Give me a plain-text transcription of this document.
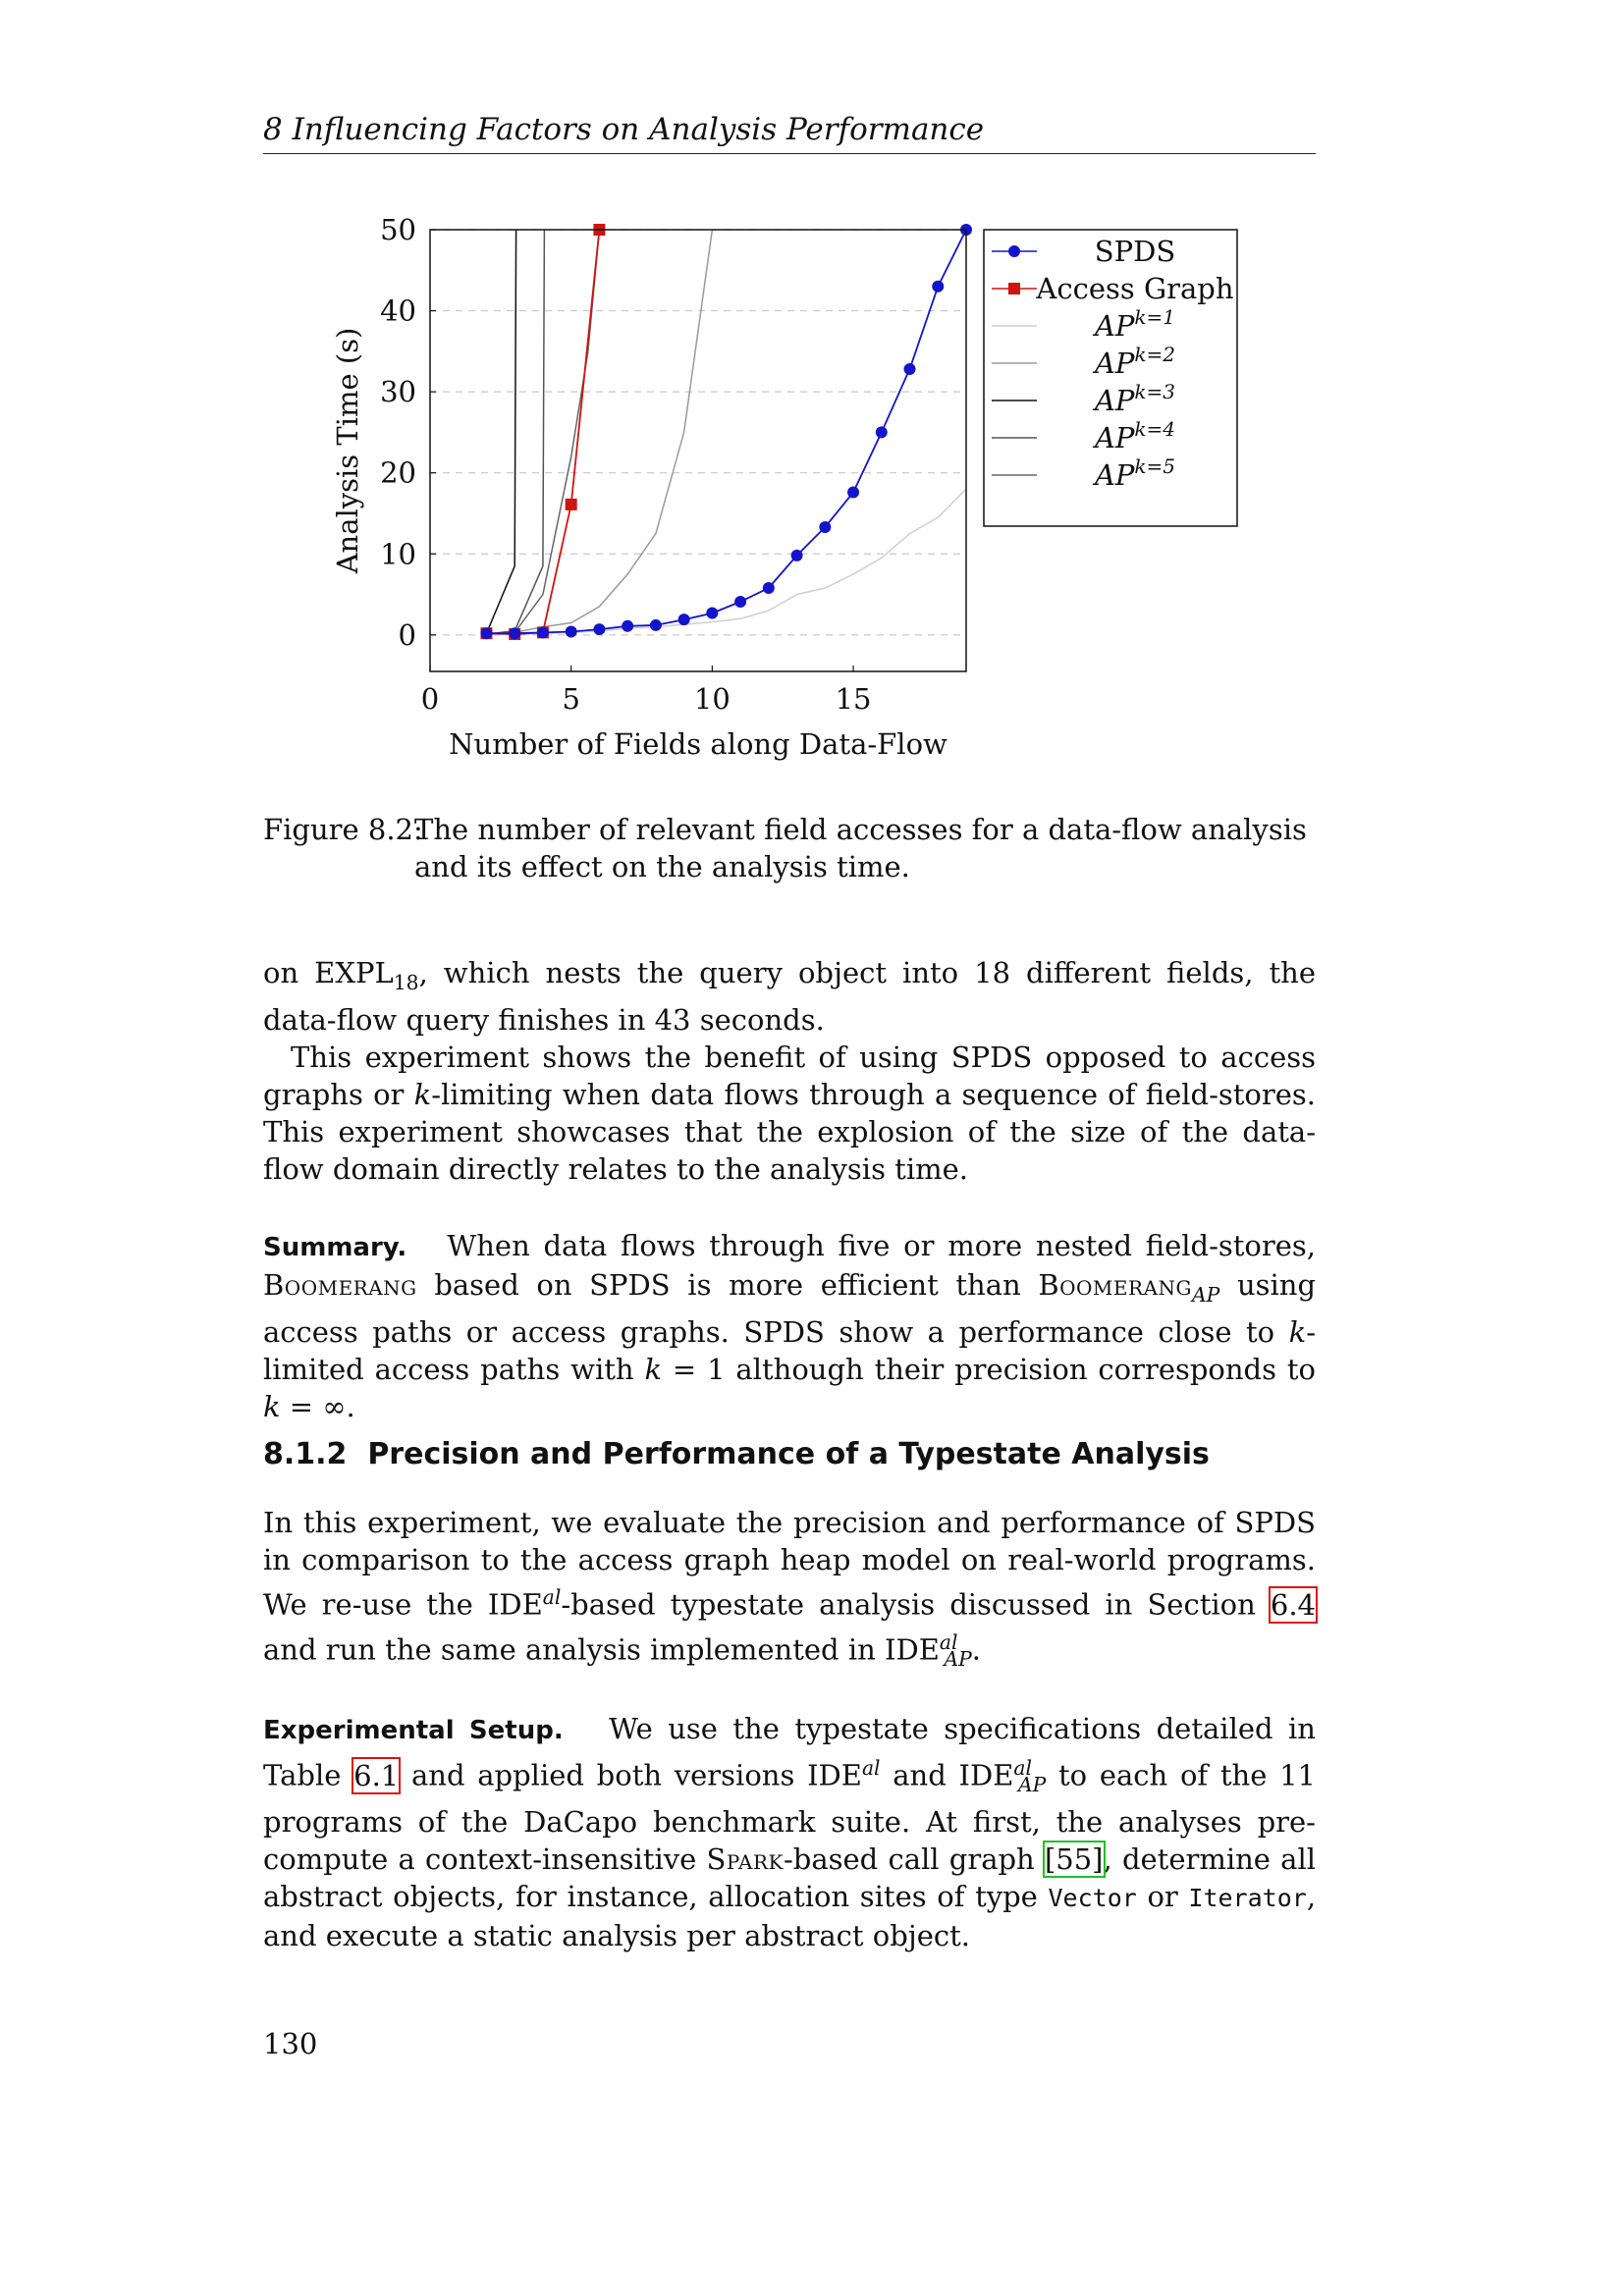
8 Influencing Factors on Analysis Performance
0
10
20
30
40
50
0	5	10	15
Number of Fields along Data-Flow
Analysis Time (s)
SPDS
Access Graph
$AP^{k=1}$
$AP^{k=2}$
$AP^{k=3}$
$AP^{k=4}$
$AP^{k=5}$
Figure 8.2:
The number of relevant field accesses for a data-flow analysis and its effect on the analysis time.

on $EXPL_{18}$, which nests the query object into 18 different fields, the data-flow query finishes in 43 seconds.

This experiment shows the benefit of using SPDS opposed to access graphs or k-limiting when data flows through a sequence of field-stores. This experiment showcases that the explosion of the size of the data-flow domain directly relates to the analysis time.

Summary. When data flows through five or more nested field-stores, Boomerang based on SPDS is more efficient than Boomerang$_{AP}$ using access paths or access graphs. SPDS show a performance close to k-limited access paths with k = 1 although their precision corresponds to k = ∞.

8.1.2 Precision and Performance of a Typestate Analysis

In this experiment, we evaluate the precision and performance of SPDS in comparison to the access graph heap model on real-world programs. We re-use the $IDE^{al}$-based typestate analysis discussed in Section 6.4 and run the same analysis implemented in $IDE^{al}_{AP}$.

Experimental Setup. We use the typestate specifications detailed in Table 6.1 and applied both versions $IDE^{al}$ and $IDE^{al}_{AP}$ to each of the 11 programs of the DaCapo benchmark suite. At first, the analyses pre-compute a context-insensitive Spark-based call graph [55], determine all abstract objects, for instance, allocation sites of type Vector or Iterator, and execute a static analysis per abstract object.

130
